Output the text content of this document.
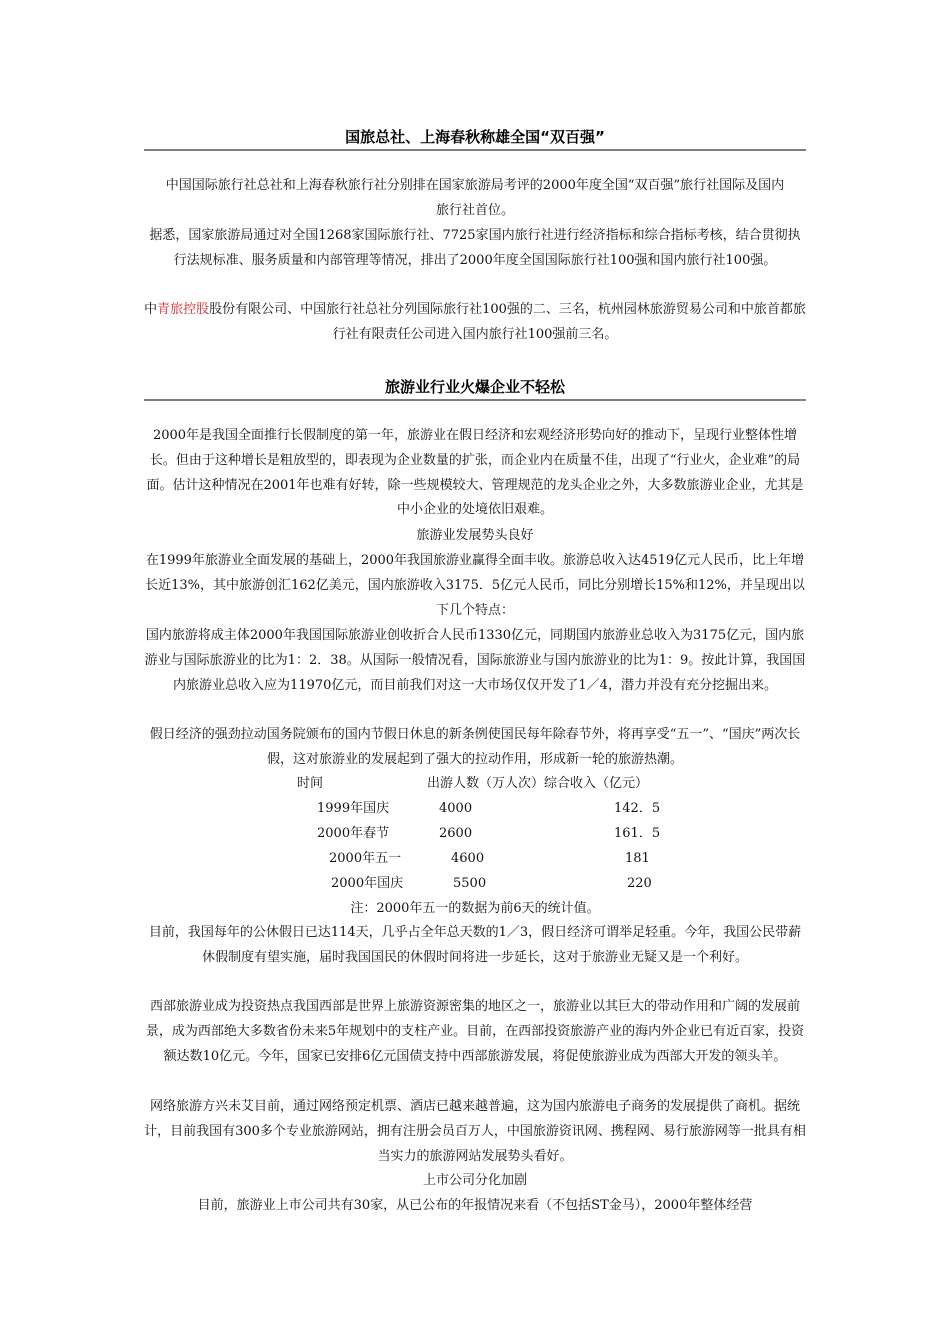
国旅总社、上海春秋称雄全国“双百强”

中国国际旅行社总社和上海春秋旅行社分别排在国家旅游局考评的2000年度全国“双百强”旅行社国际及国内旅行社首位。

据悉，国家旅游局通过对全国1268家国际旅行社、7725家国内旅行社进行经济指标和综合指标考核，结合贯彻执行法规标准、服务质量和内部管理等情况，排出了2000年度全国国际旅行社100强和国内旅行社100强。

中青旅控股股份有限公司、中国旅行社总社分列国际旅行社100强的二、三名，杭州园林旅游贸易公司和中旅首都旅行社有限责任公司进入国内旅行社100强前三名。

旅游业行业火爆企业不轻松

2000年是我国全面推行长假制度的第一年，旅游业在假日经济和宏观经济形势向好的推动下，呈现行业整体性增长。但由于这种增长是粗放型的，即表现为企业数量的扩张，而企业内在质量不佳，出现了“行业火，企业难”的局面。估计这种情况在2001年也难有好转，除一些规模较大、管理规范的龙头企业之外，大多数旅游业企业，尤其是中小企业的处境依旧艰难。

旅游业发展势头良好

在1999年旅游业全面发展的基础上，2000年我国旅游业赢得全面丰收。旅游总收入达4519亿元人民币，比上年增长近13%，其中旅游创汇162亿美元，国内旅游收入3175．5亿元人民币，同比分别增长15%和12%，并呈现出以下几个特点：

国内旅游将成主体2000年我国国际旅游业创收折合人民币1330亿元，同期国内旅游业总收入为3175亿元，国内旅游业与国际旅游业的比为1：2．38。从国际一般情况看，国际旅游业与国内旅游业的比为1：9。按此计算，我国国内旅游业总收入应为11970亿元，而目前我们对这一大市场仅仅开发了1／4，潜力并没有充分挖掘出来。

假日经济的强劲拉动国务院颁布的国内节假日休息的新条例使国民每年除春节外，将再享受“五一”、“国庆”两次长假，这对旅游业的发展起到了强大的拉动作用，形成新一轮的旅游热潮。

时间	出游人数（万人次）综合收入（亿元）
1999年国庆	4000	142．5
2000年春节	2600	161．5
2000年五一	4600	181
2000年国庆	5500	220
注：2000年五一的数据为前6天的统计值。

目前，我国每年的公休假日已达114天，几乎占全年总天数的1／3，假日经济可谓举足轻重。今年，我国公民带薪休假制度有望实施，届时我国国民的休假时间将进一步延长，这对于旅游业无疑又是一个利好。

西部旅游业成为投资热点我国西部是世界上旅游资源密集的地区之一，旅游业以其巨大的带动作用和广阔的发展前景，成为西部绝大多数省份未来5年规划中的支柱产业。目前，在西部投资旅游产业的海内外企业已有近百家，投资额达数10亿元。今年，国家已安排6亿元国债支持中西部旅游发展，将促使旅游业成为西部大开发的领头羊。

网络旅游方兴未艾目前，通过网络预定机票、酒店已越来越普遍，这为国内旅游电子商务的发展提供了商机。据统计，目前我国有300多个专业旅游网站，拥有注册会员百万人，中国旅游资讯网、携程网、易行旅游网等一批具有相当实力的旅游网站发展势头看好。

上市公司分化加剧

目前，旅游业上市公司共有30家，从已公布的年报情况来看（不包括ST金马），2000年整体经营
